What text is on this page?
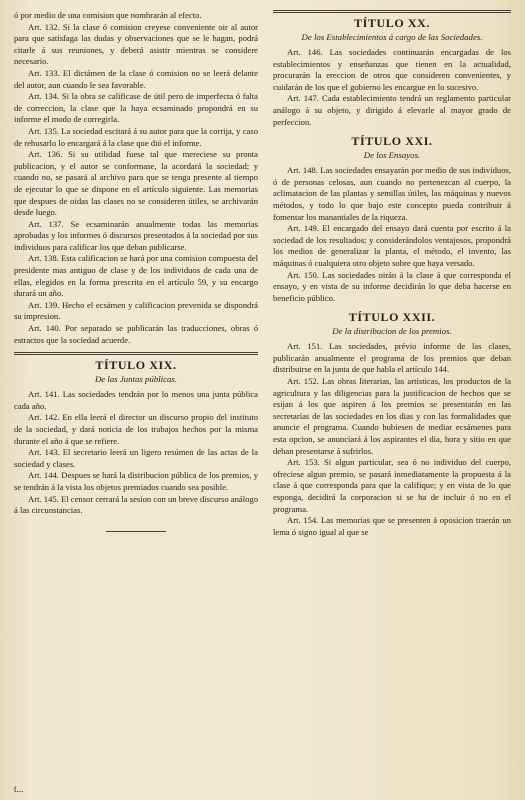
ó por medio de una comision que nombrarán al efecto.

Art. 132. Si la clase ó comision creyese conveniente oir al autor para que satisfaga las dudas y observaciones que se le hagan, podrá citarle á sus reuniones, y deberá asistir mientras se considere necesario.

Art. 133. El dictámen de la clase ó comision no se leerá delante del autor, aun cuando le sea favorable.

Art. 134. Si la obra se calificase de útil pero de imperfecta ó falta de correccion, la clase que la haya ecsaminado propondrá en su informe el modo de corregirla.

Art. 135. La sociedad escitará á su autor para que la corrija, y caso de rehusarlo lo encargará á la clase que dió el informe.

Art. 136. Si su utilidad fuese tal que mereciese su pronta publicacion, y el autor se conformase, la acordará la sociedad; y cuando no, se pasará al archivo para que se tenga presente al tiempo de ejecutar lo que se dispone en el artículo siguiente. Las memorias que despues de oidas las clases no se consideren útiles, se archivarán desde luego.

Art. 137. Se ecsaminarán anualmente todas las memorias aprobadas y los informes ó discursos presentados á la sociedad por sus individuos para calificar los que deban publicarse.

Art. 138. Esta calificacion se hará por una comision compuesta del presidente mas antiguo de clase y de los individuos de cada una de ellas, elegidos en la forma prescrita en el artículo 59, y su encargo durará un año.

Art. 139. Hecho el ecsámen y calificacion prevenida se dispondrá su impresion.

Art. 140. Por separado se publicarán las traducciones, obras ó estractos que la sociedad acuerde.

TÍTULO XIX.
De las Juntas públicas.

Art. 141. Las sociedades tendrán por lo menos una junta pública cada año.

Art. 142. En ella leerá el director un discurso propio del instituto de la sociedad, y dará noticia de los trabajos hechos por la misma durante el año á que se refiere.

Art. 143. El secretario leerá un ligero resúmen de las actas de la sociedad y clases.

Art. 144. Despues se hará la distribucion pública de los premios, y se tendrán á la vista los objetos premiados cuando sea posible.

Art. 145. El censor cerrará la sesion con un breve discurso análogo á las circunstancias.

TÍTULO XX.
De los Establecimientos á cargo de las Sociedades.

Art. 146. Las sociedades continuarán encargadas de los establecimientos y enseñanzas que tienen en la actualidad, procurarán la ereccion de otros que consideren convenientes, y cuidarán de los que el gobierno les encargue en lo sucesivo.

Art. 147. Cada establecimiento tendrá un reglamento particular análogo á su objeto, y dirigido á elevarle al mayor grado de perfeccion.

TÍTULO XXI.
De los Ensayos.

Art. 148. Las sociedades ensayarán por medio de sus individuos, ó de personas celosas, aun cuando no pertenezcan al cuerpo, la aclimatacion de las plantas y semillas útiles, las máquinas y nuevos métodos, y todo lo que bajo este concepto pueda contribuir á fomentar los manantiales de la riqueza.

Art. 149. El encargado del ensayo dará cuenta por escrito á la sociedad de los resultados; y considerándolos ventajosos, propondrá los medios de generalizar la planta, el método, el invento, las máquinas ó cualquiera otro objeto sobre que haya versado.

Art. 150. Las sociedades oirán á la clase á que corresponda el ensayo, y en vista de su informe decidirán lo que deba hacerse en beneficio público.

TÍTULO XXII.
De la distribucion de los premios.

Art. 151. Las sociedades, prévio informe de las clases, publicarán anualmente el programa de los premios que deban distribuirse en la junta de que habla el artículo 144.

Art. 152. Las obras literarias, las artísticas, los productos de la agricultura y las diligencias para la justificacion de hechos que se esijan á los que aspiren á los premios se presentarán en las secretarías de las sociedades en los dias y con las formalidades que anuncie el programa. Cuando hubiesen de mediar ecsámenes para esta opcion, se anunciará á los aspirantes el dia, hora y sitio en que deban presentarse á sufrirlos.

Art. 153. Si algun particular, sea ó no individuo del cuerpo, ofreciese algun premio, se pasará inmediatamente la propuesta á la clase á que corresponda para que la califique; y en vista de lo que esponga, decidirá la corporacion si se ha de incluir ó no en el programa.

Art. 154. Las memorias que se presenten á oposicion traerán un lema ó signo igual al que se

t...
